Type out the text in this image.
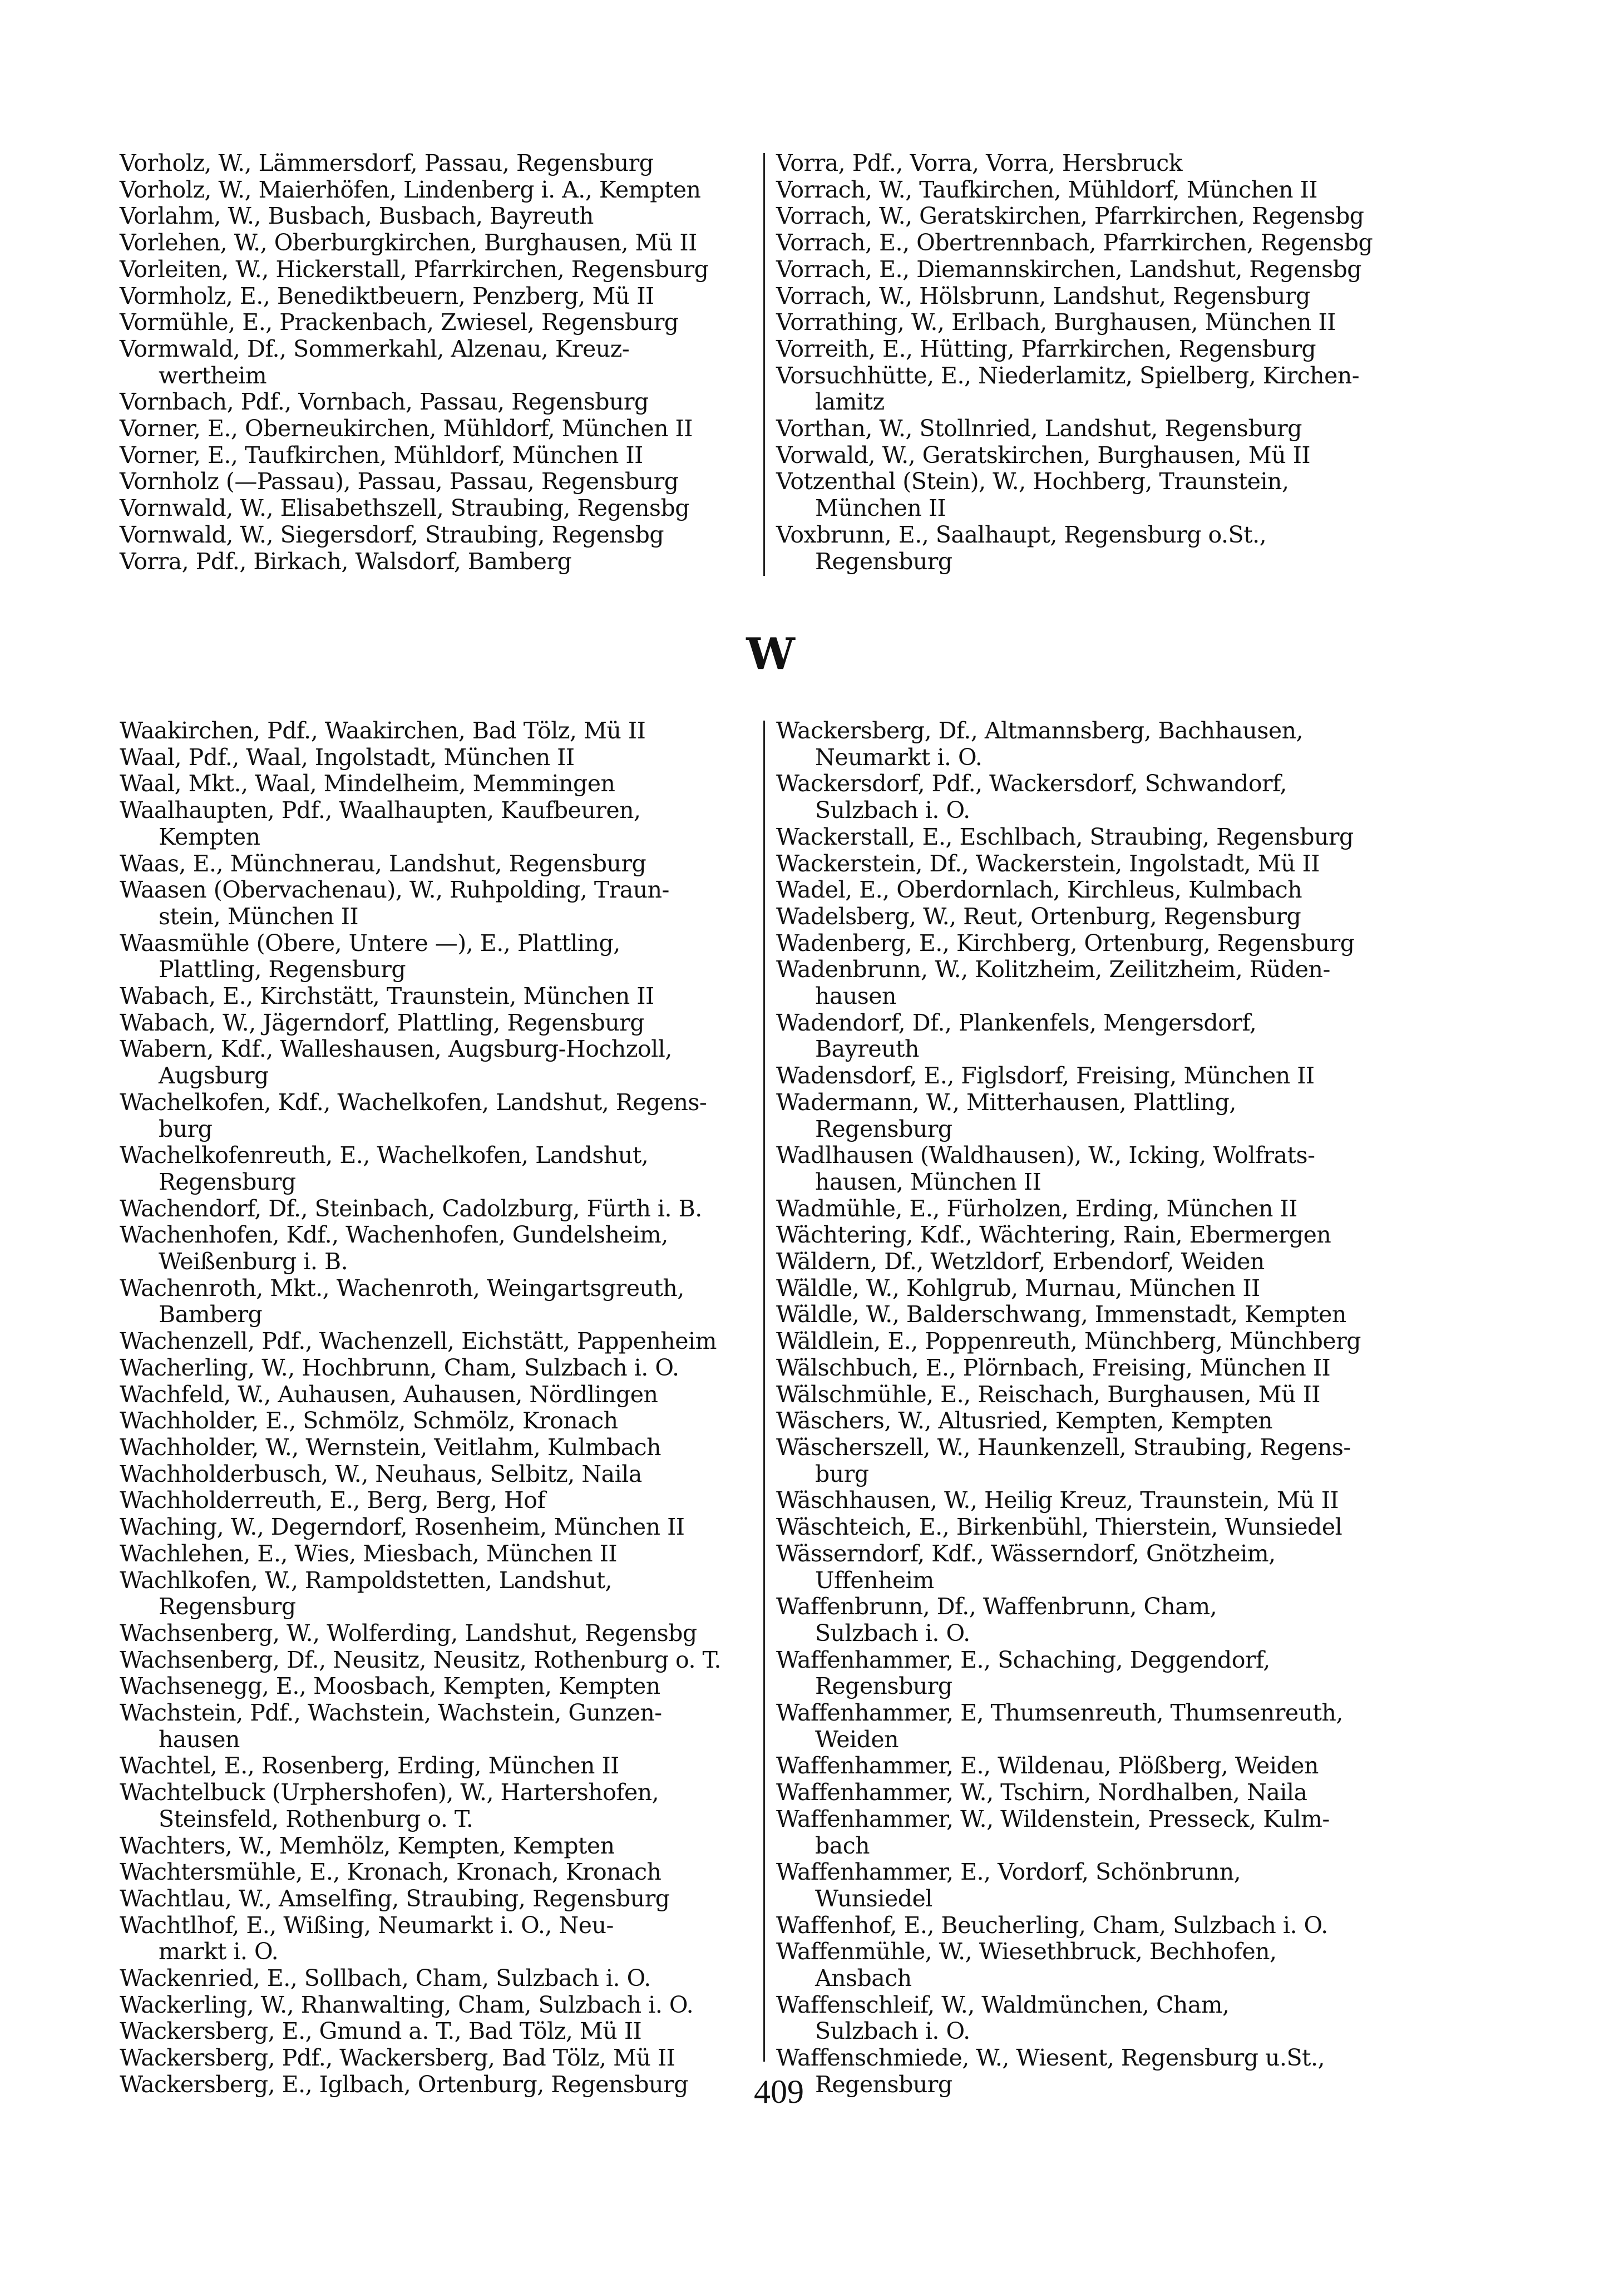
Vorholz, W., Lämmersdorf, Passau, Regensburg
Vorholz, W., Maierhöfen, Lindenberg i. A., Kempten
Vorlahm, W., Busbach, Busbach, Bayreuth
Vorlehen, W., Oberburgkirchen, Burghausen, Mü II
Vorleiten, W., Hickerstall, Pfarrkirchen, Regensburg
Vormholz, E., Benediktbeuern, Penzberg, Mü II
Vormühle, E., Prackenbach, Zwiesel, Regensburg
Vormwald, Df., Sommerkahl, Alzenau, Kreuz-
wertheim
Vornbach, Pdf., Vornbach, Passau, Regensburg
Vorner, E., Oberneukirchen, Mühldorf, München II
Vorner, E., Taufkirchen, Mühldorf, München II
Vornholz (—Passau), Passau, Passau, Regensburg
Vornwald, W., Elisabethszell, Straubing, Regensbg
Vornwald, W., Siegersdorf, Straubing, Regensbg
Vorra, Pdf., Birkach, Walsdorf, Bamberg
Vorra, Pdf., Vorra, Vorra, Hersbruck
Vorrach, W., Taufkirchen, Mühldorf, München II
Vorrach, W., Geratskirchen, Pfarrkirchen, Regensbg
Vorrach, E., Obertrennbach, Pfarrkirchen, Regensbg
Vorrach, E., Diemannskirchen, Landshut, Regensbg
Vorrach, W., Hölsbrunn, Landshut, Regensburg
Vorrathing, W., Erlbach, Burghausen, München II
Vorreith, E., Hütting, Pfarrkirchen, Regensburg
Vorsuchhütte, E., Niederlamitz, Spielberg, Kirchen-
lamitz
Vorthan, W., Stollnried, Landshut, Regensburg
Vorwald, W., Geratskirchen, Burghausen, Mü II
Votzenthal (Stein), W., Hochberg, Traunstein,
München II
Voxbrunn, E., Saalhaupt, Regensburg o.St.,
Regensburg
W
Waakirchen, Pdf., Waakirchen, Bad Tölz, Mü II
Waal, Pdf., Waal, Ingolstadt, München II
Waal, Mkt., Waal, Mindelheim, Memmingen
Waalhaupten, Pdf., Waalhaupten, Kaufbeuren,
Kempten
Waas, E., Münchnerau, Landshut, Regensburg
Waasen (Obervachenau), W., Ruhpolding, Traun-
stein, München II
Waasmühle (Obere, Untere —), E., Plattling,
Plattling, Regensburg
Wabach, E., Kirchstätt, Traunstein, München II
Wabach, W., Jägerndorf, Plattling, Regensburg
Wabern, Kdf., Walleshausen, Augsburg-Hochzoll,
Augsburg
Wachelkofen, Kdf., Wachelkofen, Landshut, Regens-
burg
Wachelkofenreuth, E., Wachelkofen, Landshut,
Regensburg
Wachendorf, Df., Steinbach, Cadolzburg, Fürth i. B.
Wachenhofen, Kdf., Wachenhofen, Gundelsheim,
Weißenburg i. B.
Wachenroth, Mkt., Wachenroth, Weingartsgreuth,
Bamberg
Wachenzell, Pdf., Wachenzell, Eichstätt, Pappenheim
Wacherling, W., Hochbrunn, Cham, Sulzbach i. O.
Wachfeld, W., Auhausen, Auhausen, Nördlingen
Wachholder, E., Schmölz, Schmölz, Kronach
Wachholder, W., Wernstein, Veitlahm, Kulmbach
Wachholderbusch, W., Neuhaus, Selbitz, Naila
Wachholderreuth, E., Berg, Berg, Hof
Waching, W., Degerndorf, Rosenheim, München II
Wachlehen, E., Wies, Miesbach, München II
Wachlkofen, W., Rampoldstetten, Landshut,
Regensburg
Wachsenberg, W., Wolferding, Landshut, Regensbg
Wachsenberg, Df., Neusitz, Neusitz, Rothenburg o. T.
Wachsenegg, E., Moosbach, Kempten, Kempten
Wachstein, Pdf., Wachstein, Wachstein, Gunzen-
hausen
Wachtel, E., Rosenberg, Erding, München II
Wachtelbuck (Urphershofen), W., Hartershofen,
Steinsfeld, Rothenburg o. T.
Wachters, W., Memhölz, Kempten, Kempten
Wachtersmühle, E., Kronach, Kronach, Kronach
Wachtlau, W., Amselfing, Straubing, Regensburg
Wachtlhof, E., Wißing, Neumarkt i. O., Neu-
markt i. O.
Wackenried, E., Sollbach, Cham, Sulzbach i. O.
Wackerling, W., Rhanwalting, Cham, Sulzbach i. O.
Wackersberg, E., Gmund a. T., Bad Tölz, Mü II
Wackersberg, Pdf., Wackersberg, Bad Tölz, Mü II
Wackersberg, E., Iglbach, Ortenburg, Regensburg
Wackersberg, Df., Altmannsberg, Bachhausen,
Neumarkt i. O.
Wackersdorf, Pdf., Wackersdorf, Schwandorf,
Sulzbach i. O.
Wackerstall, E., Eschlbach, Straubing, Regensburg
Wackerstein, Df., Wackerstein, Ingolstadt, Mü II
Wadel, E., Oberdornlach, Kirchleus, Kulmbach
Wadelsberg, W., Reut, Ortenburg, Regensburg
Wadenberg, E., Kirchberg, Ortenburg, Regensburg
Wadenbrunn, W., Kolitzheim, Zeilitzheim, Rüden-
hausen
Wadendorf, Df., Plankenfels, Mengersdorf,
Bayreuth
Wadensdorf, E., Figlsdorf, Freising, München II
Wadermann, W., Mitterhausen, Plattling,
Regensburg
Wadlhausen (Waldhausen), W., Icking, Wolfrats-
hausen, München II
Wadmühle, E., Fürholzen, Erding, München II
Wächtering, Kdf., Wächtering, Rain, Ebermergen
Wäldern, Df., Wetzldorf, Erbendorf, Weiden
Wäldle, W., Kohlgrub, Murnau, München II
Wäldle, W., Balderschwang, Immenstadt, Kempten
Wäldlein, E., Poppenreuth, Münchberg, Münchberg
Wälschbuch, E., Plörnbach, Freising, München II
Wälschmühle, E., Reischach, Burghausen, Mü II
Wäschers, W., Altusried, Kempten, Kempten
Wäscherszell, W., Haunkenzell, Straubing, Regens-
burg
Wäschhausen, W., Heilig Kreuz, Traunstein, Mü II
Wäschteich, E., Birkenbühl, Thierstein, Wunsiedel
Wässerndorf, Kdf., Wässerndorf, Gnötzheim,
Uffenheim
Waffenbrunn, Df., Waffenbrunn, Cham,
Sulzbach i. O.
Waffenhammer, E., Schaching, Deggendorf,
Regensburg
Waffenhammer, E, Thumsenreuth, Thumsenreuth,
Weiden
Waffenhammer, E., Wildenau, Plößberg, Weiden
Waffenhammer, W., Tschirn, Nordhalben, Naila
Waffenhammer, W., Wildenstein, Presseck, Kulm-
bach
Waffenhammer, E., Vordorf, Schönbrunn,
Wunsiedel
Waffenhof, E., Beucherling, Cham, Sulzbach i. O.
Waffenmühle, W., Wiesethbruck, Bechhofen,
Ansbach
Waffenschleif, W., Waldmünchen, Cham,
Sulzbach i. O.
Waffenschmiede, W., Wiesent, Regensburg u.St.,
Regensburg
409
